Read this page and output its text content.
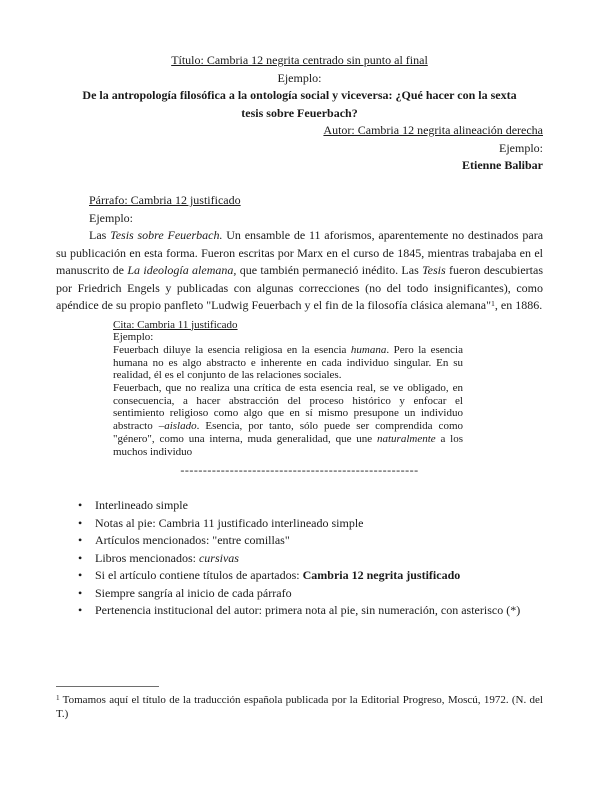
Título: Cambria 12 negrita centrado sin punto al final
Ejemplo:
De la antropología filosófica a la ontología social y viceversa: ¿Qué hacer con la sexta
tesis sobre Feuerbach?
Autor: Cambria 12 negrita alineación derecha
Ejemplo:
Etienne Balibar
Párrafo: Cambria 12 justificado
Ejemplo:
Las Tesis sobre Feuerbach. Un ensamble de 11 aforismos, aparentemente no destinados para su publicación en esta forma. Fueron escritas por Marx en el curso de 1845, mientras trabajaba en el manuscrito de La ideología alemana, que también permaneció inédito. Las Tesis fueron descubiertas por Friedrich Engels y publicadas con algunas correcciones (no del todo insignificantes), como apéndice de su propio panfleto "Ludwig Feuerbach y el fin de la filosofía clásica alemana"$^1$, en 1886.
Cita: Cambria 11 justificado
Ejemplo:
Feuerbach diluye la esencia religiosa en la esencia humana. Pero la esencia humana no es algo abstracto e inherente en cada individuo singular. En su realidad, él es el conjunto de las relaciones sociales.
Feuerbach, que no realiza una crítica de esta esencia real, se ve obligado, en consecuencia, a hacer abstracción del proceso histórico y enfocar el sentimiento religioso como algo que en sí mismo presupone un individuo abstracto –aislado. Esencia, por tanto, sólo puede ser comprendida como "género", como una interna, muda generalidad, que une naturalmente a los muchos individuo
-----------------------------------------------------
• Interlineado simple
• Notas al pie: Cambria 11 justificado interlineado simple
• Artículos mencionados: "entre comillas"
• Libros mencionados: cursivas
• Si el artículo contiene títulos de apartados: Cambria 12 negrita justificado
• Siempre sangría al inicio de cada párrafo
• Pertenencia institucional del autor: primera nota al pie, sin numeración, con asterisco (*)
$^1$ Tomamos aquí el título de la traducción española publicada por la Editorial Progreso, Moscú, 1972. (N. del T.)
